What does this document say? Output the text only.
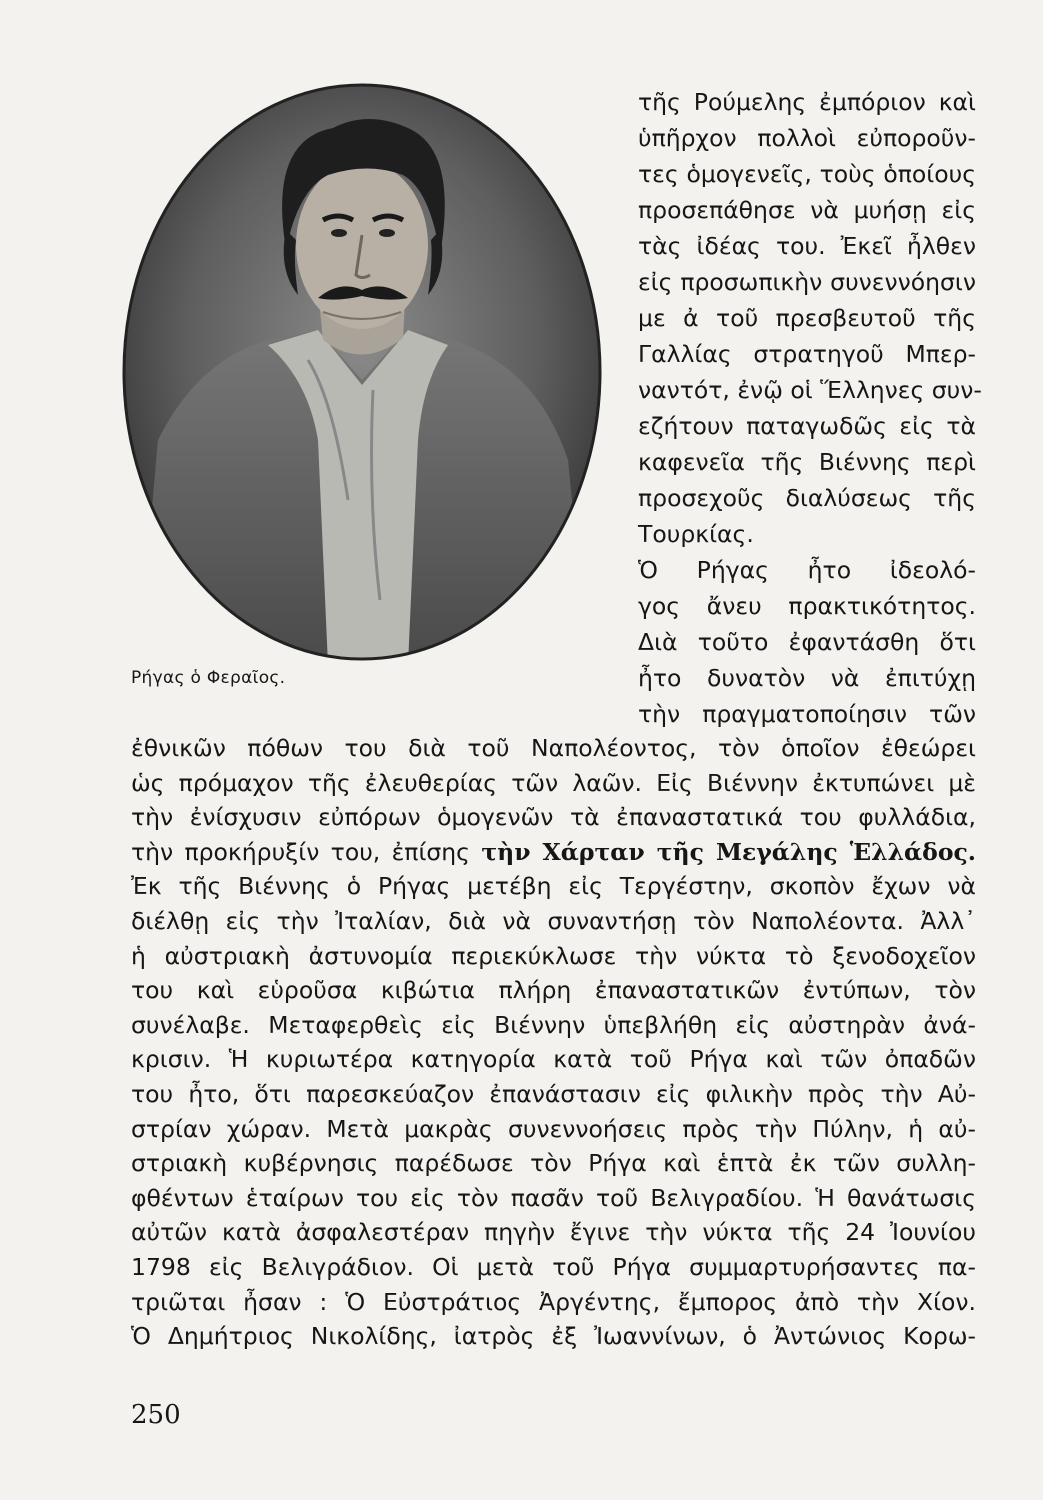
Ρήγας ὁ Φεραῖος.
τῆς Ρούμελης ἐμπόριον καὶ
ὑπῆρχον πολλοὶ εὐποροῦν-
τες ὁμογενεῖς, τοὺς ὁποίους
προσεπάθησε νὰ μυήσῃ εἰς
τὰς ἰδέας του. Ἐκεῖ ἦλθεν
εἰς προσωπικὴν συνεννόησιν
με ἀ τοῦ πρεσβευτοῦ τῆς
Γαλλίας στρατηγοῦ Μπερ-
ναντότ, ἐνῷ οἱ Ἕλληνες συν-
εζήτουν παταγωδῶς εἰς τὰ
καφενεῖα τῆς Βιέννης περὶ
προσεχοῦς διαλύσεως τῆς
Τουρκίας.
Ὁ Ρήγας ἦτο ἰδεολό-
γος ἄνευ πρακτικότητος.
Διὰ τοῦτο ἐφαντάσθη ὅτι
ἦτο δυνατὸν νὰ ἐπιτύχῃ
τὴν πραγματοποίησιν τῶν
ἐθνικῶν πόθων του διὰ τοῦ Ναπολέοντος, τὸν ὁποῖον ἐθεώρει
ὡς πρόμαχον τῆς ἐλευθερίας τῶν λαῶν. Εἰς Βιέννην ἐκτυπώνει μὲ
τὴν ἐνίσχυσιν εὐπόρων ὁμογενῶν τὰ ἐπαναστατικά του φυλλάδια,
τὴν προκήρυξίν του, ἐπίσης τὴν Χάρταν τῆς Μεγάλης Ἑλλάδος.
Ἐκ τῆς Βιέννης ὁ Ρήγας μετέβη εἰς Τεργέστην, σκοπὸν ἔχων νὰ
διέλθῃ εἰς τὴν Ἰταλίαν, διὰ νὰ συναντήσῃ τὸν Ναπολέοντα. Ἀλλ᾽
ἡ αὐστριακὴ ἀστυνομία περιεκύκλωσε τὴν νύκτα τὸ ξενοδοχεῖον
του καὶ εὑροῦσα κιβώτια πλήρη ἐπαναστατικῶν ἐντύπων, τὸν
συνέλαβε. Μεταφερθεὶς εἰς Βιέννην ὑπεβλήθη εἰς αὐστηρὰν ἀνά-
κρισιν. Ἡ κυριωτέρα κατηγορία κατὰ τοῦ Ρήγα καὶ τῶν ὀπαδῶν
του ἦτο, ὅτι παρεσκεύαζον ἐπανάστασιν εἰς φιλικὴν πρὸς τὴν Αὐ-
στρίαν χώραν. Μετὰ μακρὰς συνεννοήσεις πρὸς τὴν Πύλην, ἡ αὐ-
στριακὴ κυβέρνησις παρέδωσε τὸν Ρήγα καὶ ἑπτὰ ἐκ τῶν συλλη-
φθέντων ἑταίρων του εἰς τὸν πασᾶν τοῦ Βελιγραδίου. Ἡ θανάτωσις
αὐτῶν κατὰ ἀσφαλεστέραν πηγὴν ἔγινε τὴν νύκτα τῆς 24 Ἰουνίου
1798 εἰς Βελιγράδιον. Οἱ μετὰ τοῦ Ρήγα συμμαρτυρήσαντες πα-
τριῶται ἦσαν : Ὁ Εὐστράτιος Ἀργέντης, ἔμπορος ἀπὸ τὴν Χίον.
Ὁ Δημήτριος Νικολίδης, ἰατρὸς ἐξ Ἰωαννίνων, ὁ Ἀντώνιος Κορω-
250
